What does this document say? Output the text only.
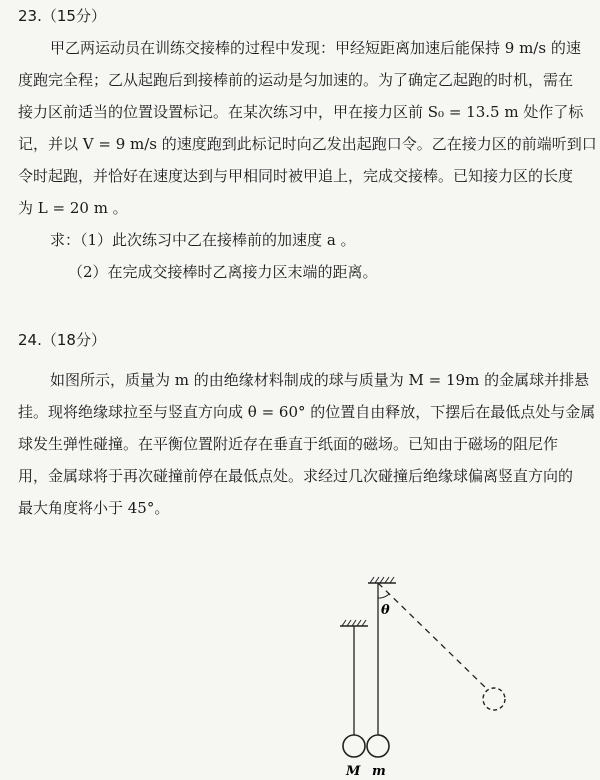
23.（15分）
甲乙两运动员在训练交接棒的过程中发现：甲经短距离加速后能保持 9 m/s 的速
度跑完全程；乙从起跑后到接棒前的运动是匀加速的。为了确定乙起跑的时机，需在
接力区前适当的位置设置标记。在某次练习中，甲在接力区前 S₀ = 13.5 m 处作了标
记，并以 V = 9 m/s 的速度跑到此标记时向乙发出起跑口令。乙在接力区的前端听到口
令时起跑，并恰好在速度达到与甲相同时被甲追上，完成交接棒。已知接力区的长度
为 L = 20 m 。
求：（1）此次练习中乙在接棒前的加速度 a 。
（2）在完成交接棒时乙离接力区末端的距离。
24.（18分）
如图所示，质量为 m 的由绝缘材料制成的球与质量为 M = 19m 的金属球并排悬
挂。现将绝缘球拉至与竖直方向成 θ = 60° 的位置自由释放，下摆后在最低点处与金属
球发生弹性碰撞。在平衡位置附近存在垂直于纸面的磁场。已知由于磁场的阻尼作
用，金属球将于再次碰撞前停在最低点处。求经过几次碰撞后绝缘球偏离竖直方向的
最大角度将小于 45°。
θ
M m
